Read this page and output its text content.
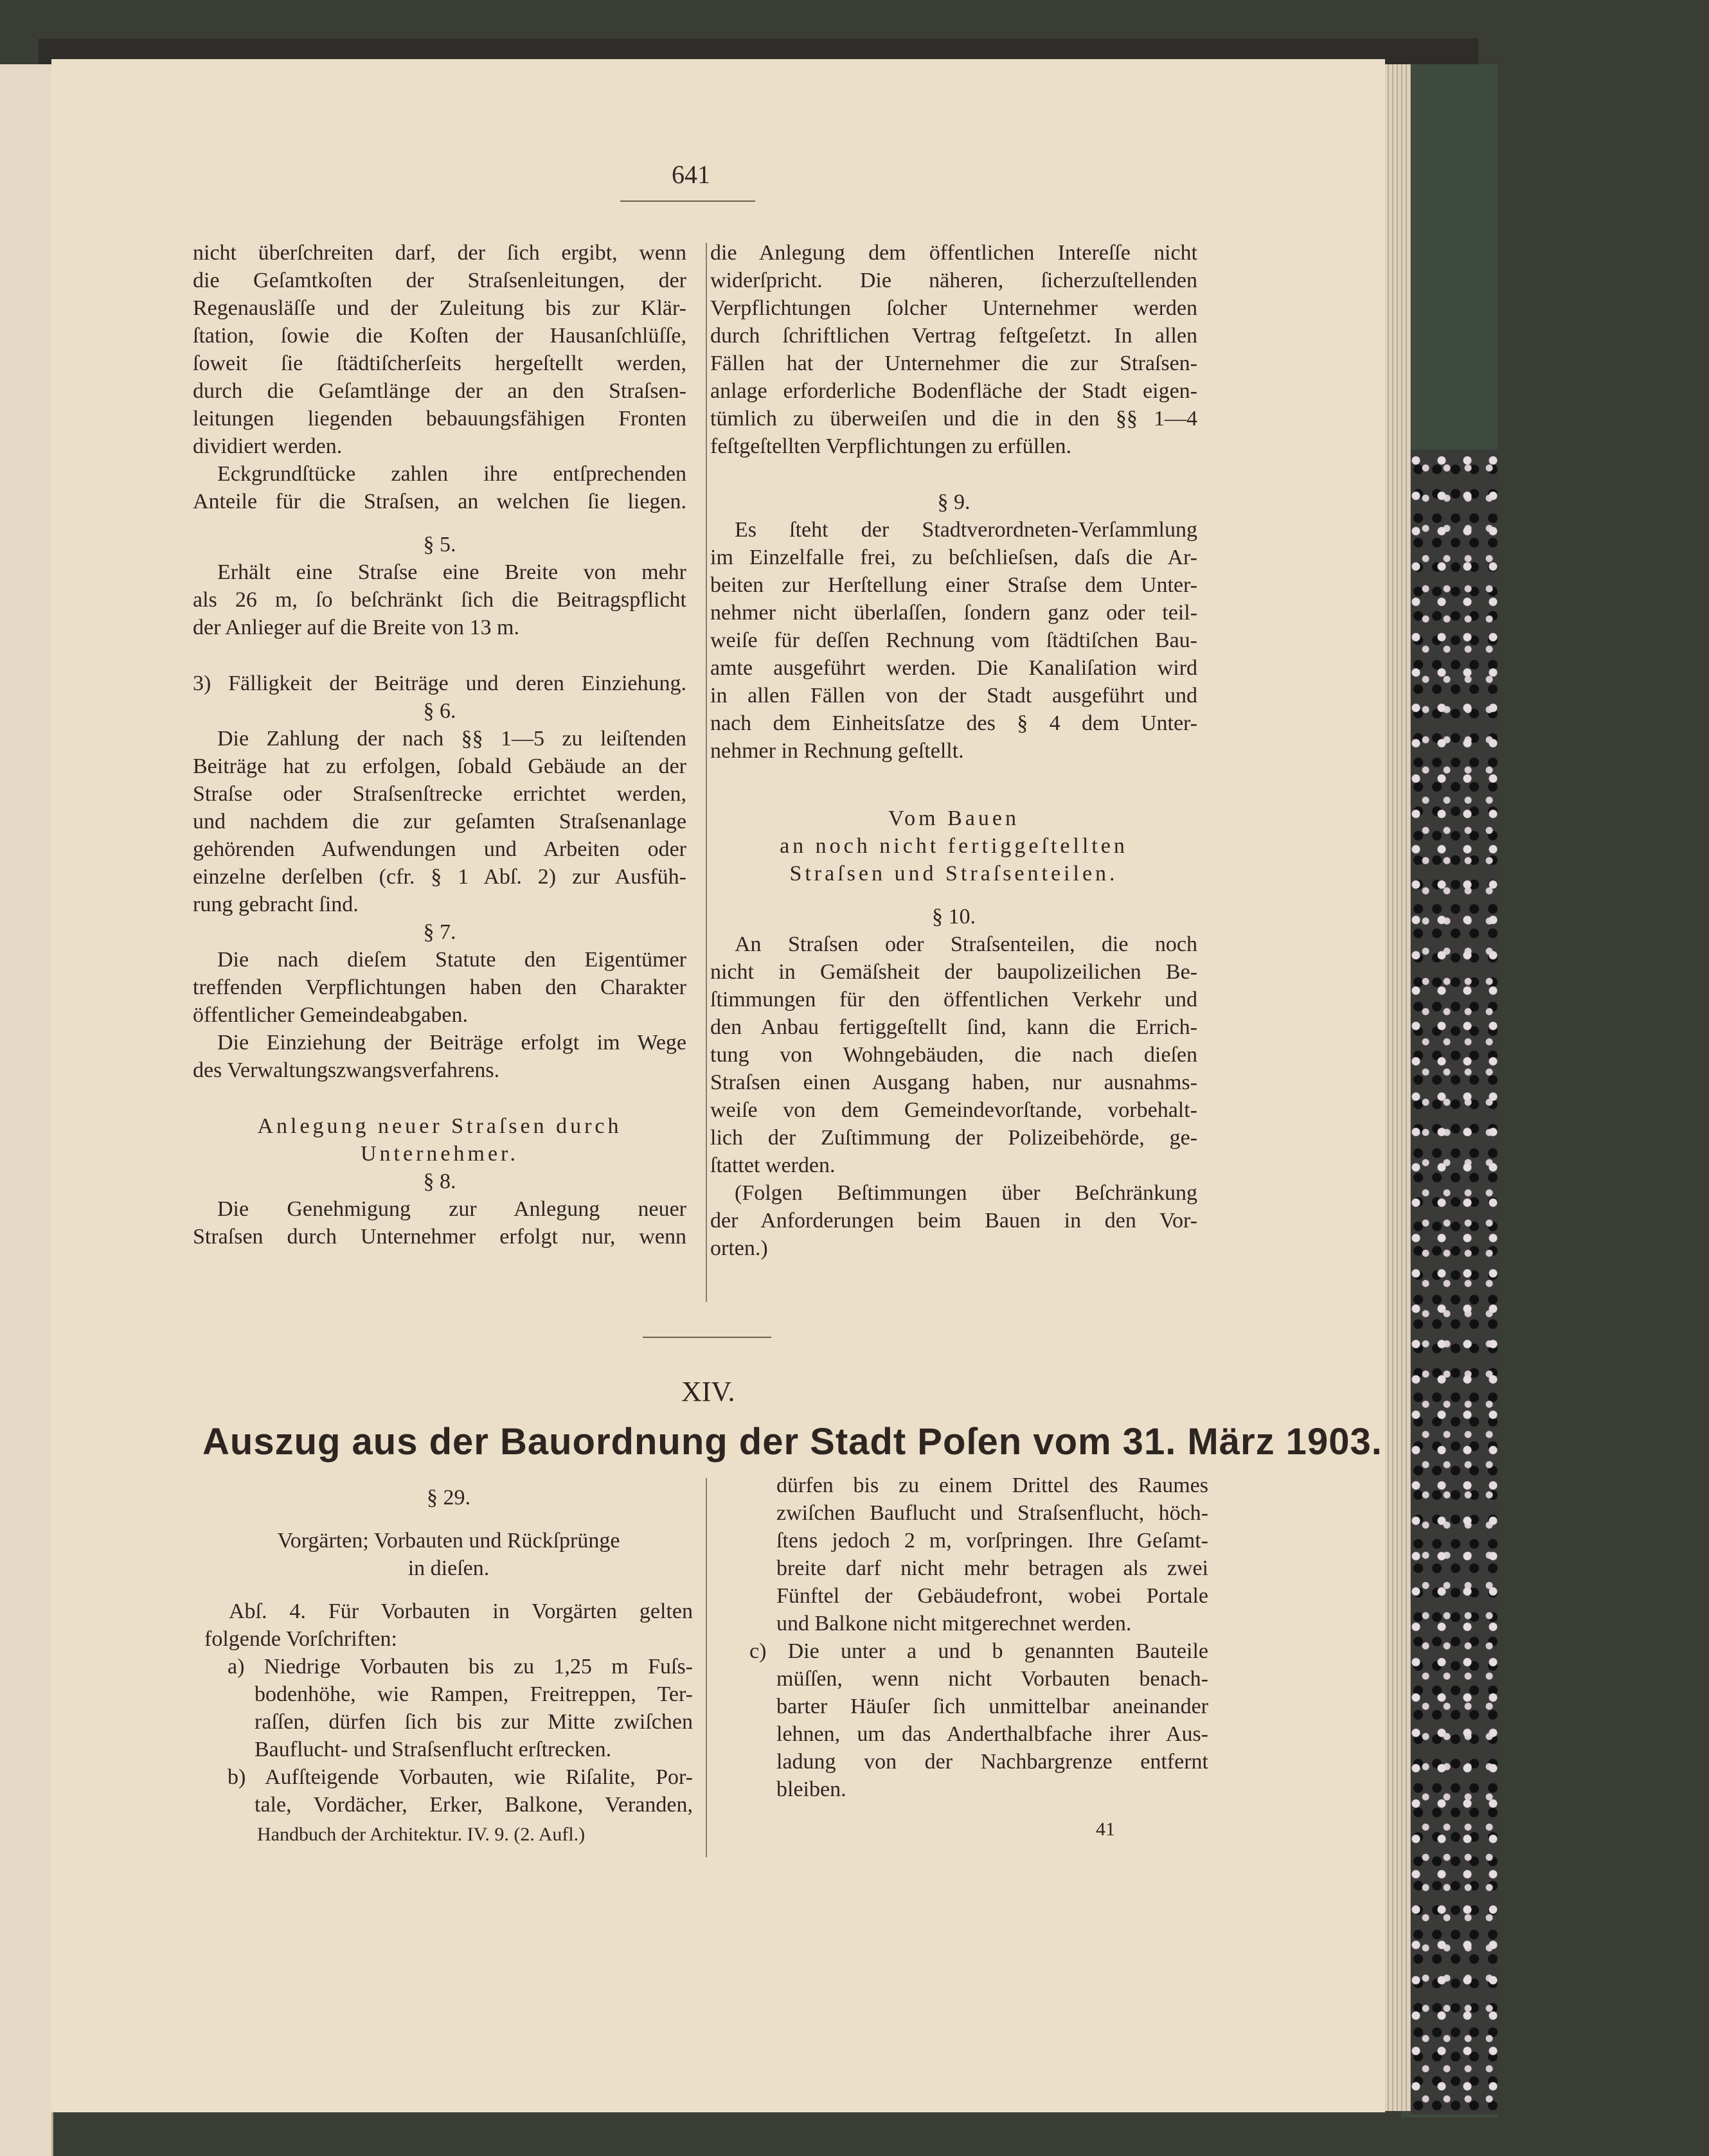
641

nicht überſchreiten darf, der ſich ergibt, wenn

die Geſamtkoſten der Straſsenleitungen, der

Regenausläſſe und der Zuleitung bis zur Klär-

ſtation, ſowie die Koſten der Hausanſchlüſſe,

ſoweit ſie ſtädtiſcherſeits hergeſtellt werden,

durch die Geſamtlänge der an den Straſsen-

leitungen liegenden bebauungsfähigen Fronten

dividiert werden.

Eckgrundſtücke zahlen ihre entſprechenden

Anteile für die Straſsen, an welchen ſie liegen.

§ 5.

Erhält eine Straſse eine Breite von mehr

als 26 m, ſo beſchränkt ſich die Beitragspflicht

der Anlieger auf die Breite von 13 m.

3) Fälligkeit der Beiträge und deren Einziehung.

§ 6.

Die Zahlung der nach §§ 1—5 zu leiſtenden

Beiträge hat zu erfolgen, ſobald Gebäude an der

Straſse oder Straſsenſtrecke errichtet werden,

und nachdem die zur geſamten Straſsenanlage

gehörenden Aufwendungen und Arbeiten oder

einzelne derſelben (cfr. § 1 Abſ. 2) zur Ausfüh-

rung gebracht ſind.

§ 7.

Die nach dieſem Statute den Eigentümer

treffenden Verpflichtungen haben den Charakter

öffentlicher Gemeindeabgaben.

Die Einziehung der Beiträge erfolgt im Wege

des Verwaltungszwangsverfahrens.

Anlegung neuer Straſsen durch

Unternehmer.

§ 8.

Die Genehmigung zur Anlegung neuer

Straſsen durch Unternehmer erfolgt nur, wenn

die Anlegung dem öffentlichen Intereſſe nicht

widerſpricht. Die näheren, ſicherzuſtellenden

Verpflichtungen ſolcher Unternehmer werden

durch ſchriftlichen Vertrag feſtgeſetzt. In allen

Fällen hat der Unternehmer die zur Straſsen-

anlage erforderliche Bodenfläche der Stadt eigen-

tümlich zu überweiſen und die in den §§ 1—4

feſtgeſtellten Verpflichtungen zu erfüllen.

§ 9.

Es ſteht der Stadtverordneten-Verſammlung

im Einzelfalle frei, zu beſchlieſsen, daſs die Ar-

beiten zur Herſtellung einer Straſse dem Unter-

nehmer nicht überlaſſen, ſondern ganz oder teil-

weiſe für deſſen Rechnung vom ſtädtiſchen Bau-

amte ausgeführt werden. Die Kanaliſation wird

in allen Fällen von der Stadt ausgeführt und

nach dem Einheitsſatze des § 4 dem Unter-

nehmer in Rechnung geſtellt.

Vom Bauen

an noch nicht fertiggeſtellten

Straſsen und Straſsenteilen.

§ 10.

An Straſsen oder Straſsenteilen, die noch

nicht in Gemäſsheit der baupolizeilichen Be-

ſtimmungen für den öffentlichen Verkehr und

den Anbau fertiggeſtellt ſind, kann die Errich-

tung von Wohngebäuden, die nach dieſen

Straſsen einen Ausgang haben, nur ausnahms-

weiſe von dem Gemeindevorſtande, vorbehalt-

lich der Zuſtimmung der Polizeibehörde, ge-

ſtattet werden.

(Folgen Beſtimmungen über Beſchränkung

der Anforderungen beim Bauen in den Vor-

orten.)

XIV.
Auszug aus der Bauordnung der Stadt Poſen vom 31. März 1903.

§ 29.

Vorgärten; Vorbauten und Rückſprünge

in dieſen.

Abſ. 4. Für Vorbauten in Vorgärten gelten

folgende Vorſchriften:

a) Niedrige Vorbauten bis zu 1,25 m Fuſs-

bodenhöhe, wie Rampen, Freitreppen, Ter-

raſſen, dürfen ſich bis zur Mitte zwiſchen

Bauflucht- und Straſsenflucht erſtrecken.

b) Aufſteigende Vorbauten, wie Riſalite, Por-

tale, Vordächer, Erker, Balkone, Veranden,

dürfen bis zu einem Drittel des Raumes

zwiſchen Bauflucht und Straſsenflucht, höch-

ſtens jedoch 2 m, vorſpringen. Ihre Geſamt-

breite darf nicht mehr betragen als zwei

Fünftel der Gebäudefront, wobei Portale

und Balkone nicht mitgerechnet werden.

c) Die unter a und b genannten Bauteile

müſſen, wenn nicht Vorbauten benach-

barter Häuſer ſich unmittelbar aneinander

lehnen, um das Anderthalbfache ihrer Aus-

ladung von der Nachbargrenze entfernt

bleiben.

Handbuch der Architektur. IV. 9. (2. Aufl.)	41
